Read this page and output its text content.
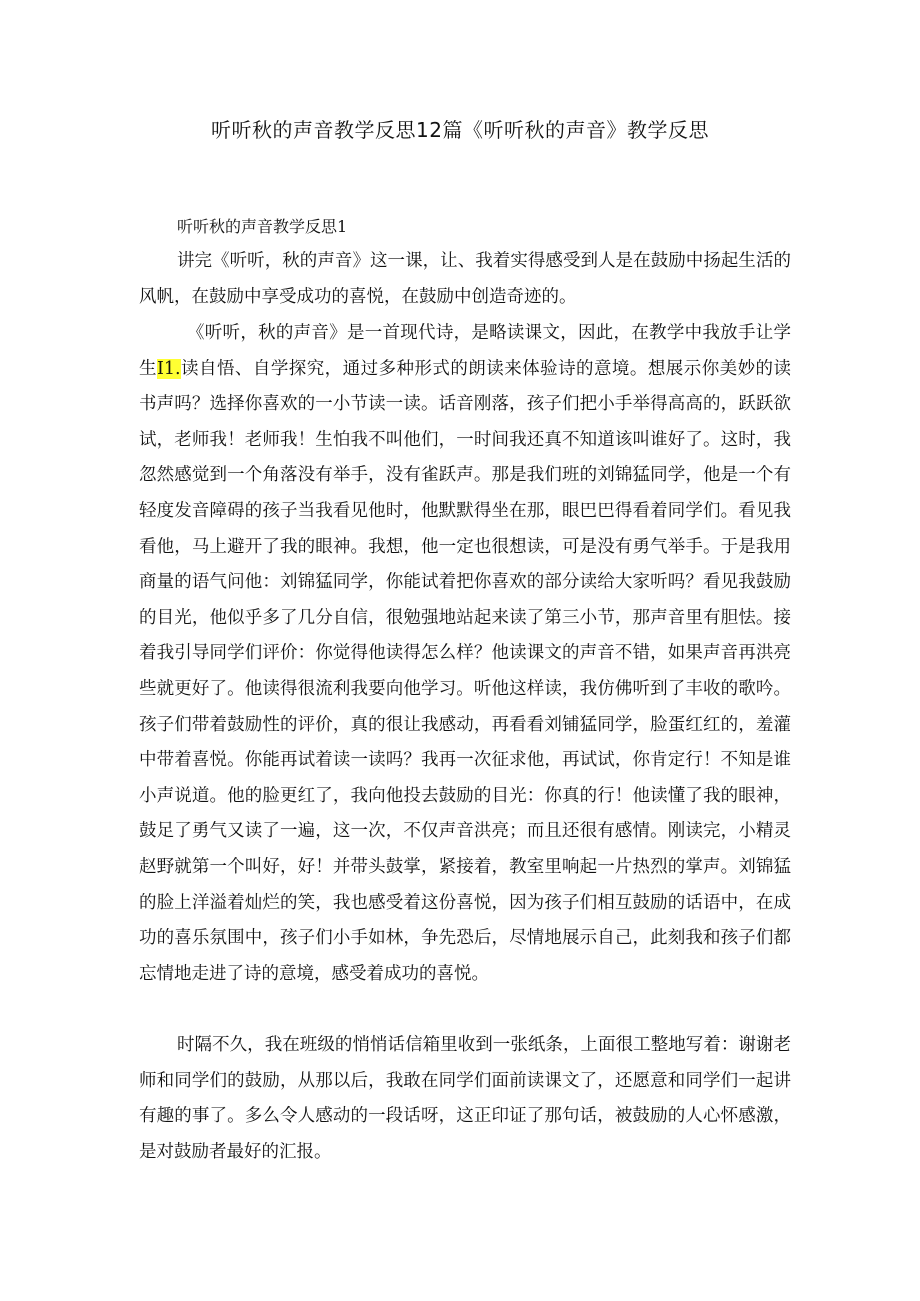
听听秋的声音教学反思12篇《听听秋的声音》教学反思
听听秋的声音教学反思1

讲完《听听，秋的声音》这一课，让、我着实得感受到人是在鼓励中扬起生活的风帆，在鼓励中享受成功的喜悦，在鼓励中创造奇迹的。

《听听，秋的声音》是一首现代诗，是略读课文，因此，在教学中我放手让学生I1.读自悟、自学探究，通过多种形式的朗读来体验诗的意境。想展示你美妙的读书声吗？选择你喜欢的一小节读一读。话音刚落，孩子们把小手举得高高的，跃跃欲试，老师我！老师我！生怕我不叫他们，一时间我还真不知道该叫谁好了。这时，我忽然感觉到一个角落没有举手，没有雀跃声。那是我们班的刘锦猛同学，他是一个有轻度发音障碍的孩子当我看见他时，他默默得坐在那，眼巴巴得看着同学们。看见我看他，马上避开了我的眼神。我想，他一定也很想读，可是没有勇气举手。于是我用商量的语气问他：刘锦猛同学，你能试着把你喜欢的部分读给大家听吗？看见我鼓励的目光，他似乎多了几分自信，很勉强地站起来读了第三小节，那声音里有胆怯。接着我引导同学们评价：你觉得他读得怎么样？他读课文的声音不错，如果声音再洪亮些就更好了。他读得很流利我要向他学习。听他这样读，我仿佛听到了丰收的歌吟。孩子们带着鼓励性的评价，真的很让我感动，再看看刘铺猛同学，脸蛋红红的，羞灌中带着喜悦。你能再试着读一读吗？我再一次征求他，再试试，你肯定行！不知是谁小声说道。他的脸更红了，我向他投去鼓励的目光：你真的行！他读懂了我的眼神，鼓足了勇气又读了一遍，这一次，不仅声音洪亮；而且还很有感情。刚读完，小精灵赵野就第一个叫好，好！并带头鼓掌，紧接着，教室里响起一片热烈的掌声。刘锦猛的脸上洋溢着灿烂的笑，我也感受着这份喜悦，因为孩子们相互鼓励的话语中，在成功的喜乐氛围中，孩子们小手如林，争先恐后，尽情地展示自己，此刻我和孩子们都忘情地走进了诗的意境，感受着成功的喜悦。

时隔不久，我在班级的悄悄话信箱里收到一张纸条，上面很工整地写着：谢谢老师和同学们的鼓励，从那以后，我敢在同学们面前读课文了，还愿意和同学们一起讲有趣的事了。多么令人感动的一段话呀，这正印证了那句话，被鼓励的人心怀感激，是对鼓励者最好的汇报。
